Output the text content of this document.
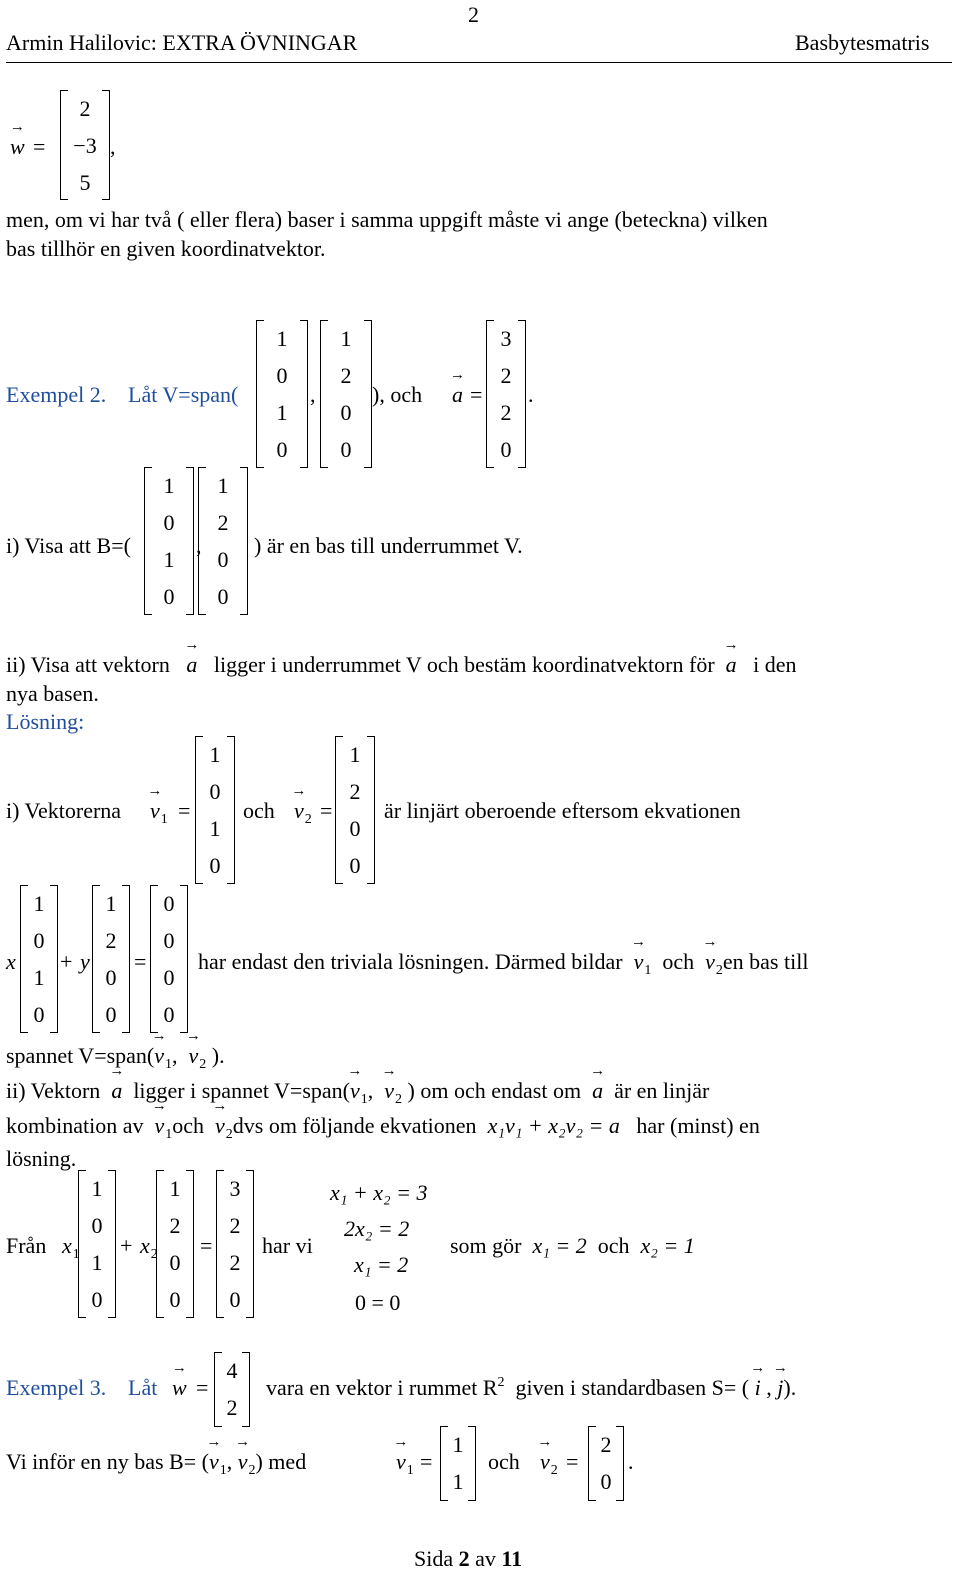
2
Armin Halilovic: EXTRA ÖVNINGAR	Basbytesmatris
→ w =
2
−3
5
,
men, om vi har två ( eller flera) baser i samma uppgift måste vi ange (beteckna) vilken
bas tillhör en given koordinatvektor.
Exempel 2. Låt V=span(
1
0
1
0
,
1
2
0
0
), och → a =
3
2
2
0
.
i) Visa att B=(
1
0
1
0
,
1
2
0
0
) är en bas till underrummet V.
ii) Visa att vektorn → a ligger i underrummet V och bestäm koordinatvektorn för → a i den
nya basen.
Lösning:
i) Vektorerna → $v_1$ =
1
0
1
0
och → $v_2$ =
1
2
0
0
är linjärt oberoende eftersom ekvationen
x
1
0
1
0
+ y
1
2
0
0
=
0
0
0
0
har endast den triviala lösningen. Därmed bildar → $v_1$ och → $v_2en$ bas till
spannet V=span(→ $v_1$, → $v_2$ ).
ii) Vektorn → a ligger i spannet V=span(→ $v_1$, → $v_2$ ) om och endast om → a är en linjär
kombination av → $v_1och \to v_2dvs$ om följande ekvationen x₁v₁ + x₂v₂ = a har (minst) en
lösning.
Från $x_1$
1
0
1
0
+ $x_2$
1
2
0
0
=
3
2
2
0
har vi
x₁ + x₂ = 3
2x₂ = 2
x₁ = 2
0 = 0
som gör x₁ = 2 och x₂ = 1
Exempel 3. Låt → w =
4
2
vara en vektor i rummet $R^2$ given i standardbasen S= ( → i , → j).
Vi inför en ny bas B= (→ $v_1$, → $v_2$) med	→ $v_1$ =
1
1
och → $v_2$ =
2
0
.
Sida 2 av 11
